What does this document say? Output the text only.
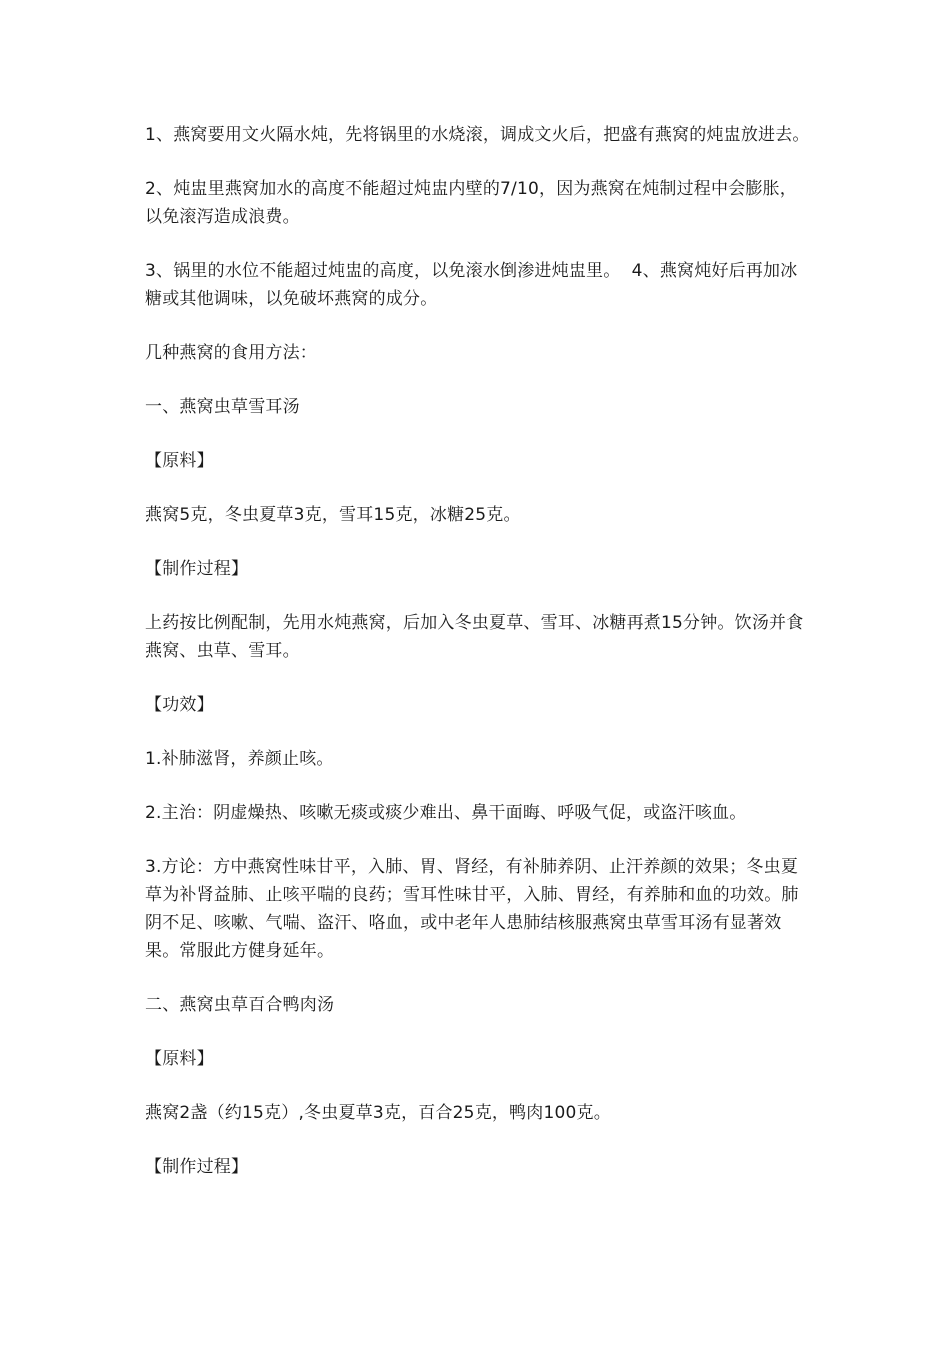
1、燕窝要用文火隔水炖，先将锅里的水烧滚，调成文火后，把盛有燕窝的炖盅放进去。

2、炖盅里燕窝加水的高度不能超过炖盅内壁的7/10，因为燕窝在炖制过程中会膨胀，以免滚泻造成浪费。

3、锅里的水位不能超过炖盅的高度，以免滚水倒渗进炖盅里。  4、燕窝炖好后再加冰糖或其他调味，以免破坏燕窝的成分。

几种燕窝的食用方法：

一、燕窝虫草雪耳汤

【原料】

燕窝5克，冬虫夏草3克，雪耳15克，冰糖25克。

【制作过程】

上药按比例配制，先用水炖燕窝，后加入冬虫夏草、雪耳、冰糖再煮15分钟。饮汤并食燕窝、虫草、雪耳。

【功效】

1.补肺滋肾，养颜止咳。

2.主治：阴虚燥热、咳嗽无痰或痰少难出、鼻干面晦、呼吸气促，或盗汗咳血。

3.方论：方中燕窝性味甘平，入肺、胃、肾经，有补肺养阴、止汗养颜的效果；冬虫夏草为补肾益肺、止咳平喘的良药；雪耳性味甘平，入肺、胃经，有养肺和血的功效。肺阴不足、咳嗽、气喘、盗汗、咯血，或中老年人患肺结核服燕窝虫草雪耳汤有显著效果。常服此方健身延年。

二、燕窝虫草百合鸭肉汤

【原料】

燕窝2盏（约15克）,冬虫夏草3克，百合25克，鸭肉100克。

【制作过程】
